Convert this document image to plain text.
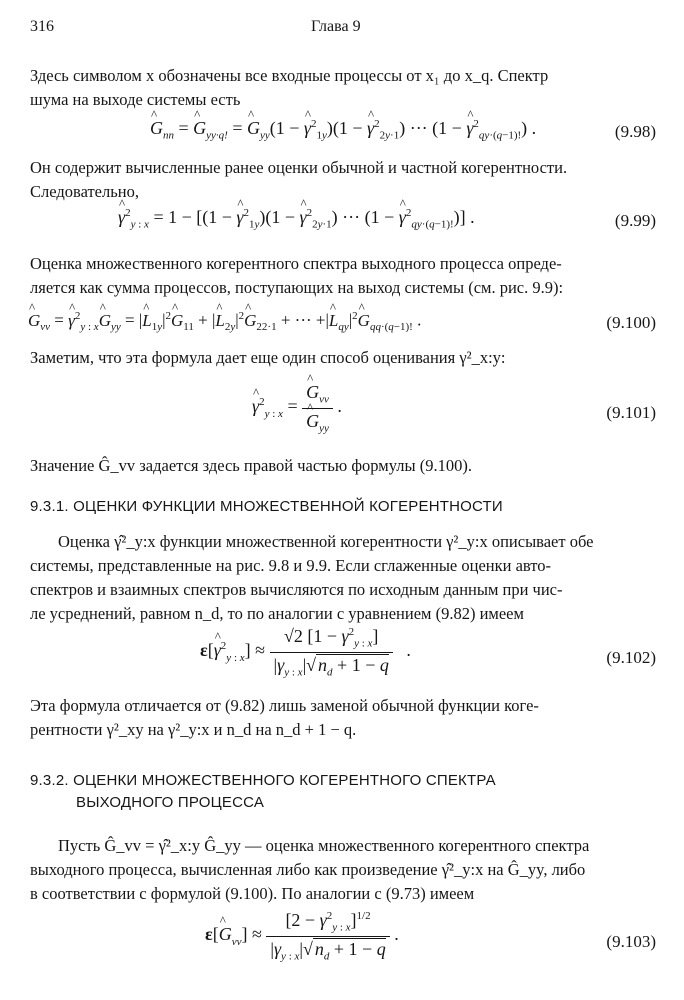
316	Глава 9
Здесь символом x обозначены все входные процессы от x₁ до x_q. Спектр
шума на выходе системы есть
^ $G_{nn}$ = ^ $G_{yy\cdot q!}$ = ^ $G_{yy}(1$ − ^ $\gamma^2_{1y})(1$ − ^ $\gamma^2_{2y\cdot 1}$) ··· (1 − ^ $\gamma^2_{qy\cdot(q-1)!}$) .	(9.98)
Он содержит вычисленные ранее оценки обычной и частной когерентности.
Следовательно,
^ $\gamma^2_{y : x} = 1 - [(1$ − ^ $\gamma^2_{1y})(1$ − ^ $\gamma^2_{2y\cdot 1}$) ··· (1 − ^ $\gamma^2_{qy\cdot(q-1)!}$)] .	(9.99)
Оценка множественного когерентного спектра выходного процесса опреде-
ляется как сумма процессов, поступающих на выход системы (см. рис. 9.9):
^ $G_{vv}$ = ^ $\gamma^2_{y : x}\^{}$ $G_{yy}$ = |^ $L_{1y}|^2\^{}$ $G_{11}$ + |^ $L_{2y}|^2\^{}$ $G_{22\cdot 1}$ + ··· +|^ $L_{qy}|^2\^{}$ $G_{qq\cdot(q-1)!}$ .	(9.100)
Заметим, что эта формула дает еще один способ оценивания γ²_x:y:
^ $\gamma^2_{y : x}$ =
^ $G_{vv}$
^ $G_{yy}$ .	(9.101)
Значение Ĝ_vv задается здесь правой частью формулы (9.100).
9.3.1. ОЦЕНКИ ФУНКЦИИ МНОЖЕСТВЕННОЙ КОГЕРЕНТНОСТИ
Оценка γ̂²_y:x функции множественной когерентности γ²_y:x описывает обе
системы, представленные на рис. 9.8 и 9.9. Если сглаженные оценки авто-
спектров и взаимных спектров вычисляются по исходным данным при чис-
ле усреднений, равном n_d, то по аналогии с уравнением (9.82) имеем
ε[^ $\gamma^2_{y : x}] \approx \frac{√2 [1 - \gamma^2_{y : x}]}{|\gamma_{y : x}|√ n_d + 1 - q}$ .	(9.102)
Эта формула отличается от (9.82) лишь заменой обычной функции коге-
рентности γ²_xy на γ²_y:x и n_d на n_d + 1 − q.
9.3.2. ОЦЕНКИ МНОЖЕСТВЕННОГО КОГЕРЕНТНОГО СПЕКТРА
ВЫХОДНОГО ПРОЦЕССА
Пусть Ĝ_vv = γ̂²_x:y Ĝ_yy — оценка множественного когерентного спектра
выходного процесса, вычисленная либо как произведение γ̂²_y:x на Ĝ_yy, либо
в соответствии с формулой (9.100). По аналогии с (9.73) имеем
ε[^ $G_{vv}] \approx \frac{[2 - \gamma^2_{y : x}]^{1/2}}{|\gamma_{y : x}|√ n_d + 1 - q}$ .	(9.103)
